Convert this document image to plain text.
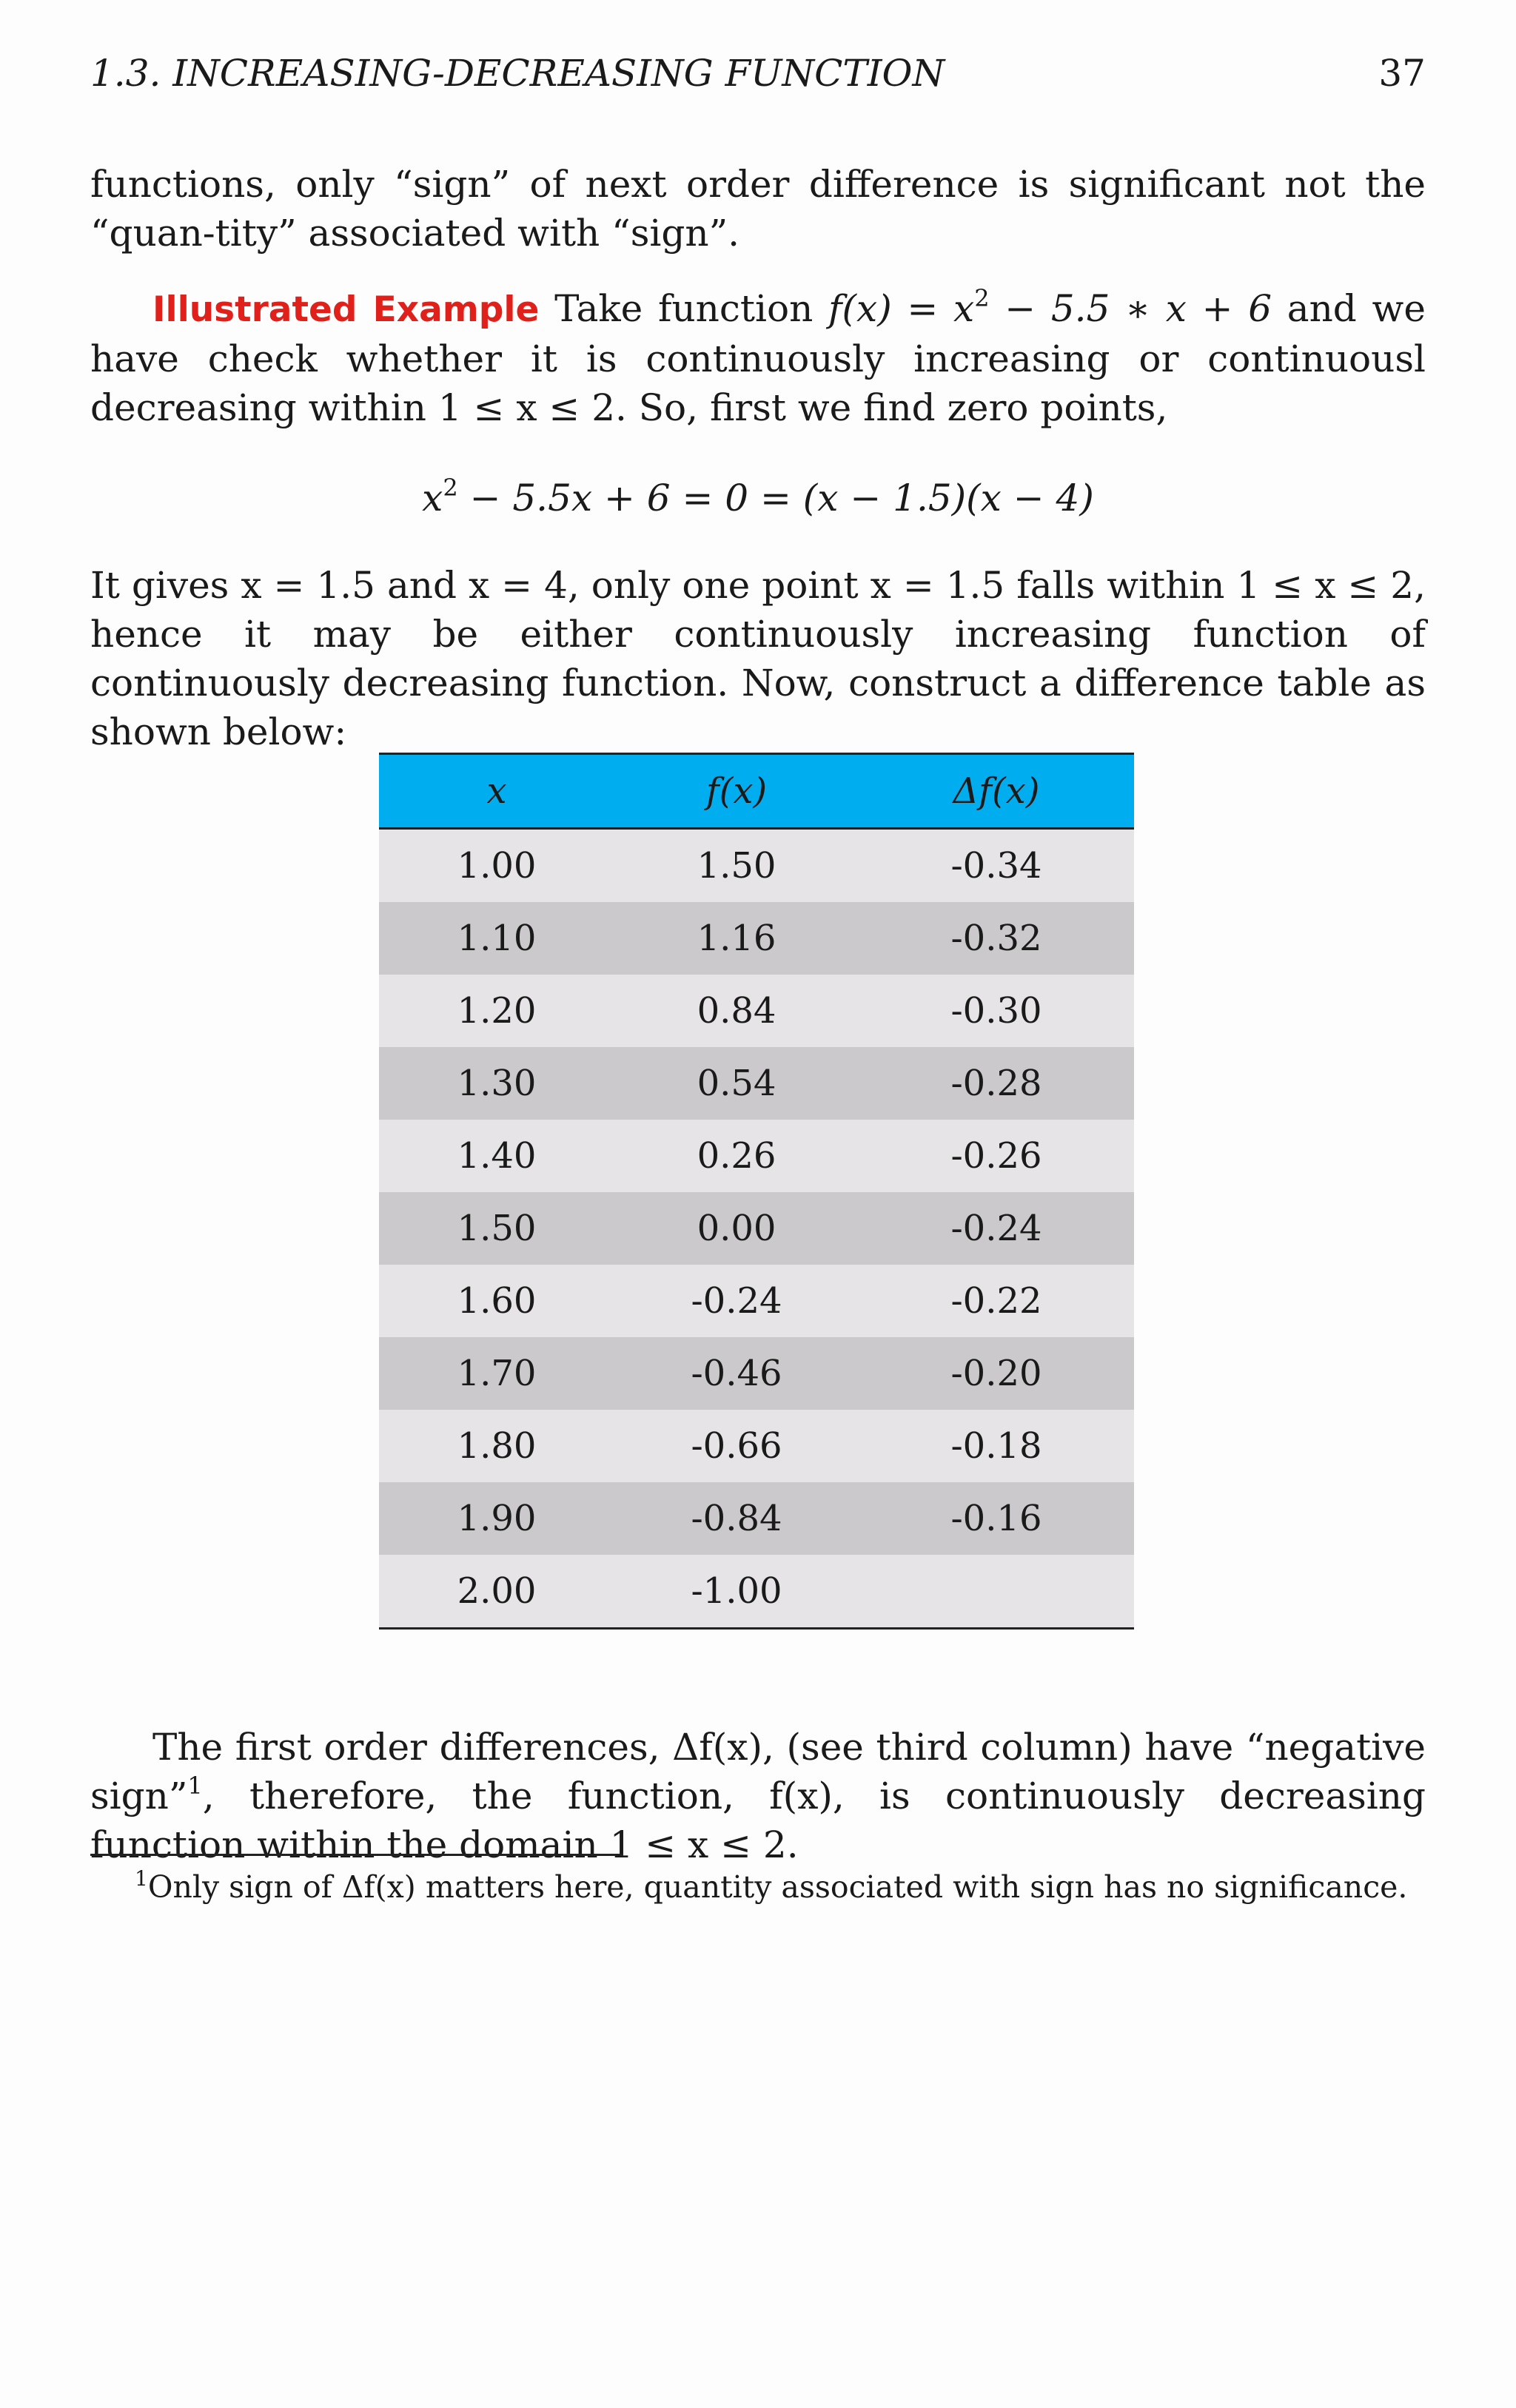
1.3. INCREASING-DECREASING FUNCTION	37

functions, only “sign” of next order difference is significant not the “quan-tity” associated with “sign”.

Illustrated Example Take function $f(x) = x^2 - 5.5$ ∗ x + 6 and we have check whether it is continuously increasing or continuousl decreasing within 1 ≤ x ≤ 2. So, first we find zero points,

$x^2 - 5.5x + 6 = 0 = (x - 1.5)(x - 4)$

It gives x = 1.5 and x = 4, only one point x = 1.5 falls within 1 ≤ x ≤ 2, hence it may be either continuously increasing function of continuously decreasing function. Now, construct a difference table as shown below:

x	f(x)	Δf(x)
1.00	1.50	-0.34
1.10	1.16	-0.32
1.20	0.84	-0.30
1.30	0.54	-0.28
1.40	0.26	-0.26
1.50	0.00	-0.24
1.60	-0.24	-0.22
1.70	-0.46	-0.20
1.80	-0.66	-0.18
1.90	-0.84	-0.16
2.00	-1.00	

The first order differences, Δf(x), (see third column) have “negative sign”$^1$, therefore, the function, f(x), is continuously decreasing function within the domain 1 ≤ x ≤ 2.

$^1$Only sign of Δf(x) matters here, quantity associated with sign has no significance.
